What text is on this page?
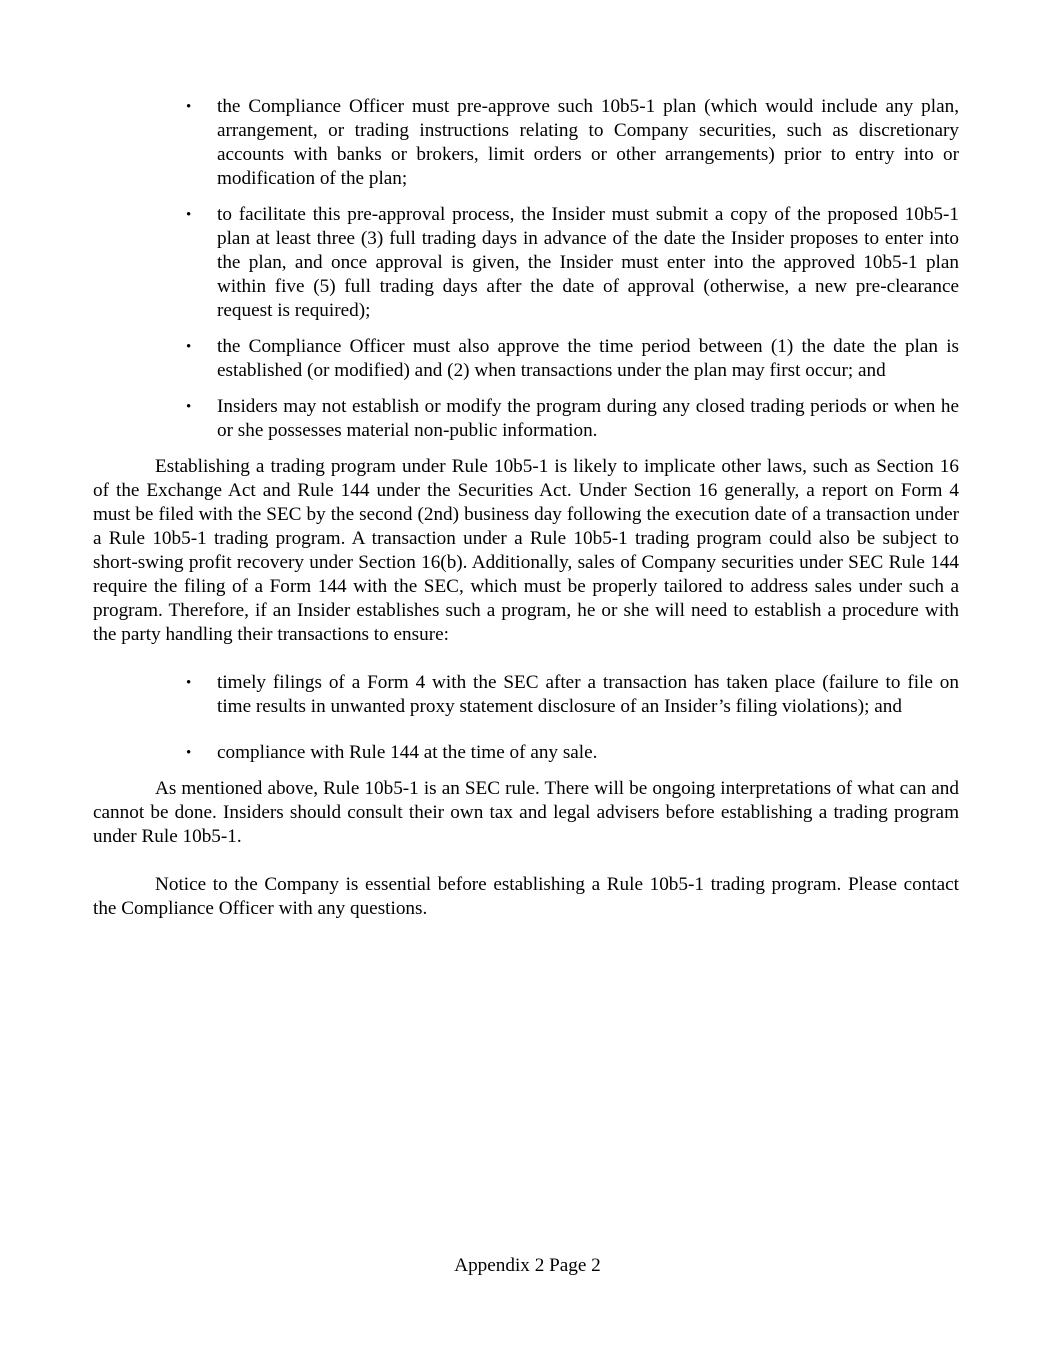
• the Compliance Officer must pre-approve such 10b5-1 plan (which would include any plan, arrangement, or trading instructions relating to Company securities, such as discretionary accounts with banks or brokers, limit orders or other arrangements) prior to entry into or modification of the plan;
• to facilitate this pre-approval process, the Insider must submit a copy of the proposed 10b5-1 plan at least three (3) full trading days in advance of the date the Insider proposes to enter into the plan, and once approval is given, the Insider must enter into the approved 10b5-1 plan within five (5) full trading days after the date of approval (otherwise, a new pre-clearance request is required);
• the Compliance Officer must also approve the time period between (1) the date the plan is established (or modified) and (2) when transactions under the plan may first occur; and
• Insiders may not establish or modify the program during any closed trading periods or when he or she possesses material non-public information.

Establishing a trading program under Rule 10b5-1 is likely to implicate other laws, such as Section 16 of the Exchange Act and Rule 144 under the Securities Act. Under Section 16 generally, a report on Form 4 must be filed with the SEC by the second (2nd) business day following the execution date of a transaction under a Rule 10b5-1 trading program. A transaction under a Rule 10b5-1 trading program could also be subject to short-swing profit recovery under Section 16(b). Additionally, sales of Company securities under SEC Rule 144 require the filing of a Form 144 with the SEC, which must be properly tailored to address sales under such a program. Therefore, if an Insider establishes such a program, he or she will need to establish a procedure with the party handling their transactions to ensure:

• timely filings of a Form 4 with the SEC after a transaction has taken place (failure to file on time results in unwanted proxy statement disclosure of an Insider’s filing violations); and
• compliance with Rule 144 at the time of any sale.

As mentioned above, Rule 10b5-1 is an SEC rule. There will be ongoing interpretations of what can and cannot be done. Insiders should consult their own tax and legal advisers before establishing a trading program under Rule 10b5-1.

Notice to the Company is essential before establishing a Rule 10b5-1 trading program. Please contact the Compliance Officer with any questions.

Appendix 2 Page 2
